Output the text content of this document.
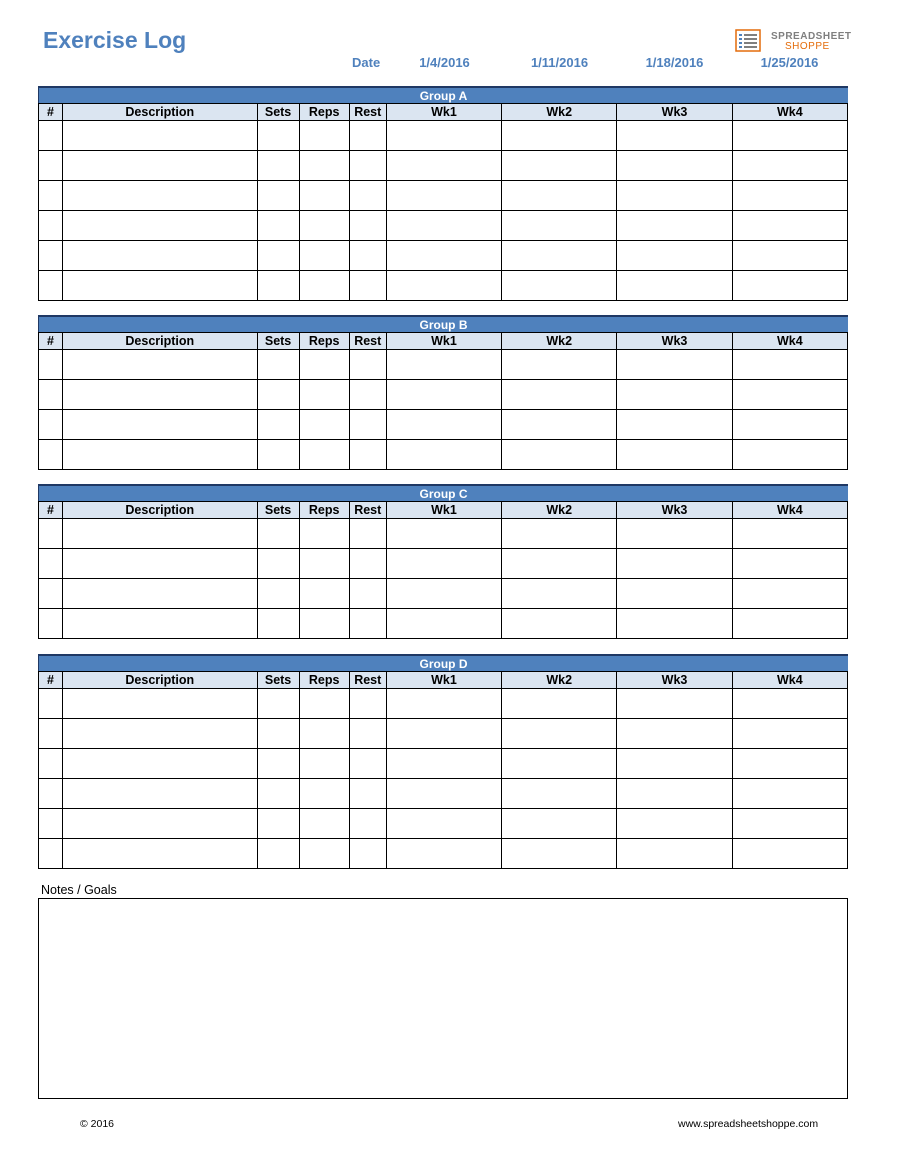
Exercise Log
Date	1/4/2016	1/11/2016	1/18/2016	1/25/2016
SPREADSHEET
SHOPPE
Group A
#	Description	Sets	Reps	Rest	Wk1	Wk2	Wk3	Wk4

Group B
#	Description	Sets	Reps	Rest	Wk1	Wk2	Wk3	Wk4

Group C
#	Description	Sets	Reps	Rest	Wk1	Wk2	Wk3	Wk4

Group D
#	Description	Sets	Reps	Rest	Wk1	Wk2	Wk3	Wk4

Notes / Goals
© 2016	www.spreadsheetshoppe.com
